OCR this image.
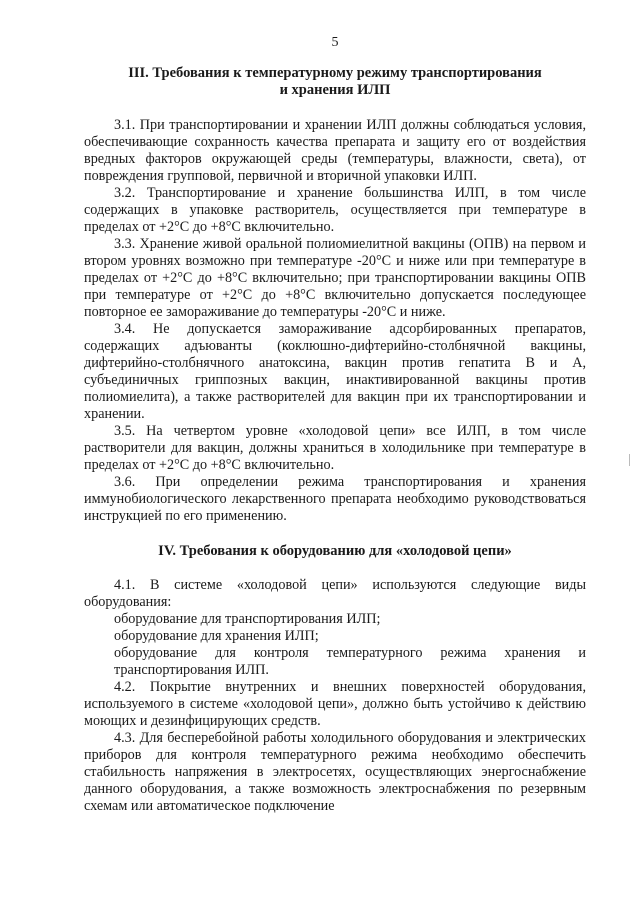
5
III. Требования к температурному режиму транспортирования
и хранения ИЛП

3.1. При транспортировании и хранении ИЛП должны соблюдаться условия, обеспечивающие сохранность качества препарата и защиту его от воздействия вредных факторов окружающей среды (температуры, влажности, света), от повреждения групповой, первичной и вторичной упаковки ИЛП.

3.2. Транспортирование и хранение большинства ИЛП, в том числе содержащих в упаковке растворитель, осуществляется при температуре в пределах от +2°С до +8°С включительно.

3.3. Хранение живой оральной полиомиелитной вакцины (ОПВ) на первом и втором уровнях возможно при температуре -20°С и ниже или при температуре в пределах от +2°С до +8°С включительно; при транспортировании вакцины ОПВ при температуре от +2°С до +8°С включительно допускается последующее повторное ее замораживание до температуры -20°С и ниже.

3.4. Не допускается замораживание адсорбированных препаратов, содержащих адъюванты (коклюшно-дифтерийно-столбнячной вакцины, дифтерийно-столбнячного анатоксина, вакцин против гепатита В и А, субъединичных гриппозных вакцин, инактивированной вакцины против полиомиелита), а также растворителей для вакцин при их транспортировании и хранении.

3.5. На четвертом уровне «холодовой цепи» все ИЛП, в том числе растворители для вакцин, должны храниться в холодильнике при температуре в пределах от +2°С до +8°С включительно.

3.6. При определении режима транспортирования и хранения иммунобиологического лекарственного препарата необходимо руководствоваться инструкцией по его применению.

IV. Требования к оборудованию для «холодовой цепи»

4.1. В системе «холодовой цепи» используются следующие виды оборудования:

оборудование для транспортирования ИЛП;

оборудование для хранения ИЛП;

оборудование для контроля температурного режима хранения и транспортирования ИЛП.

4.2. Покрытие внутренних и внешних поверхностей оборудования, используемого в системе «холодовой цепи», должно быть устойчиво к действию моющих и дезинфицирующих средств.

4.3. Для бесперебойной работы холодильного оборудования и электрических приборов для контроля температурного режима необходимо обеспечить стабильность напряжения в электросетях, осуществляющих энергоснабжение данного оборудования, а также возможность электроснабжения по резервным схемам или автоматическое подключение
